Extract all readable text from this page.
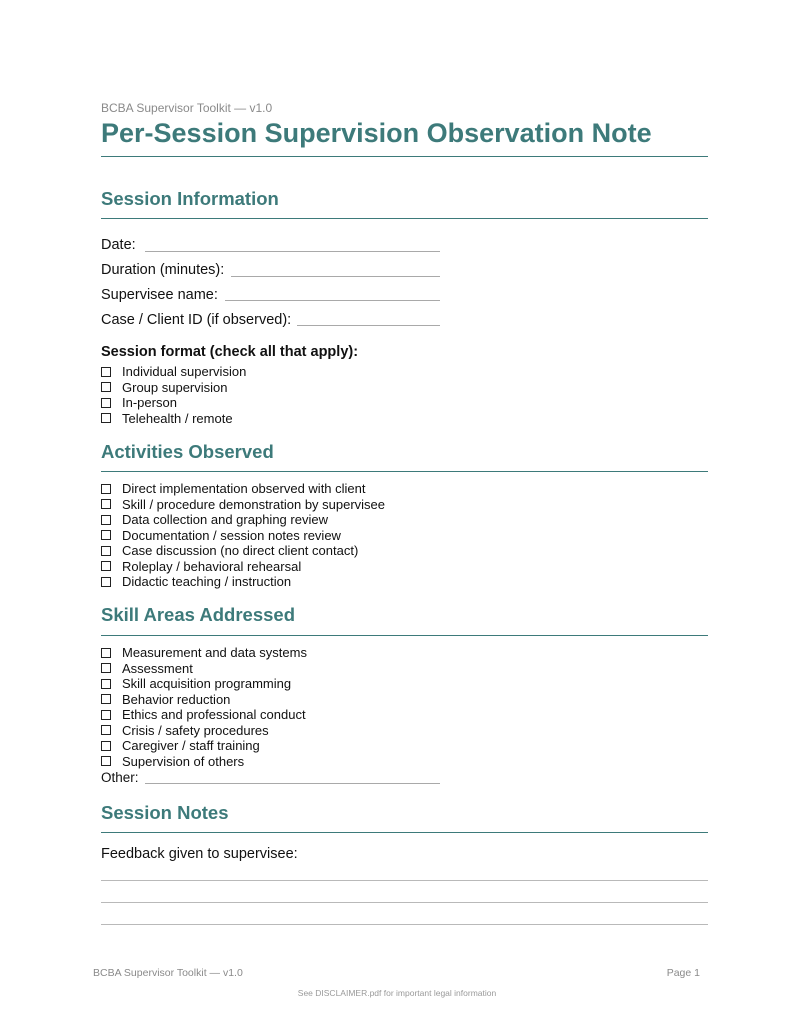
BCBA Supervisor Toolkit — v1.0
Per-Session Supervision Observation Note
Session Information
Date:
Duration (minutes):
Supervisee name:
Case / Client ID (if observed):
Session format (check all that apply):
Individual supervision
Group supervision
In-person
Telehealth / remote
Activities Observed
Direct implementation observed with client
Skill / procedure demonstration by supervisee
Data collection and graphing review
Documentation / session notes review
Case discussion (no direct client contact)
Roleplay / behavioral rehearsal
Didactic teaching / instruction
Skill Areas Addressed
Measurement and data systems
Assessment
Skill acquisition programming
Behavior reduction
Ethics and professional conduct
Crisis / safety procedures
Caregiver / staff training
Supervision of others
Other:
Session Notes
Feedback given to supervisee:
BCBA Supervisor Toolkit — v1.0	Page 1
See DISCLAIMER.pdf for important legal information
